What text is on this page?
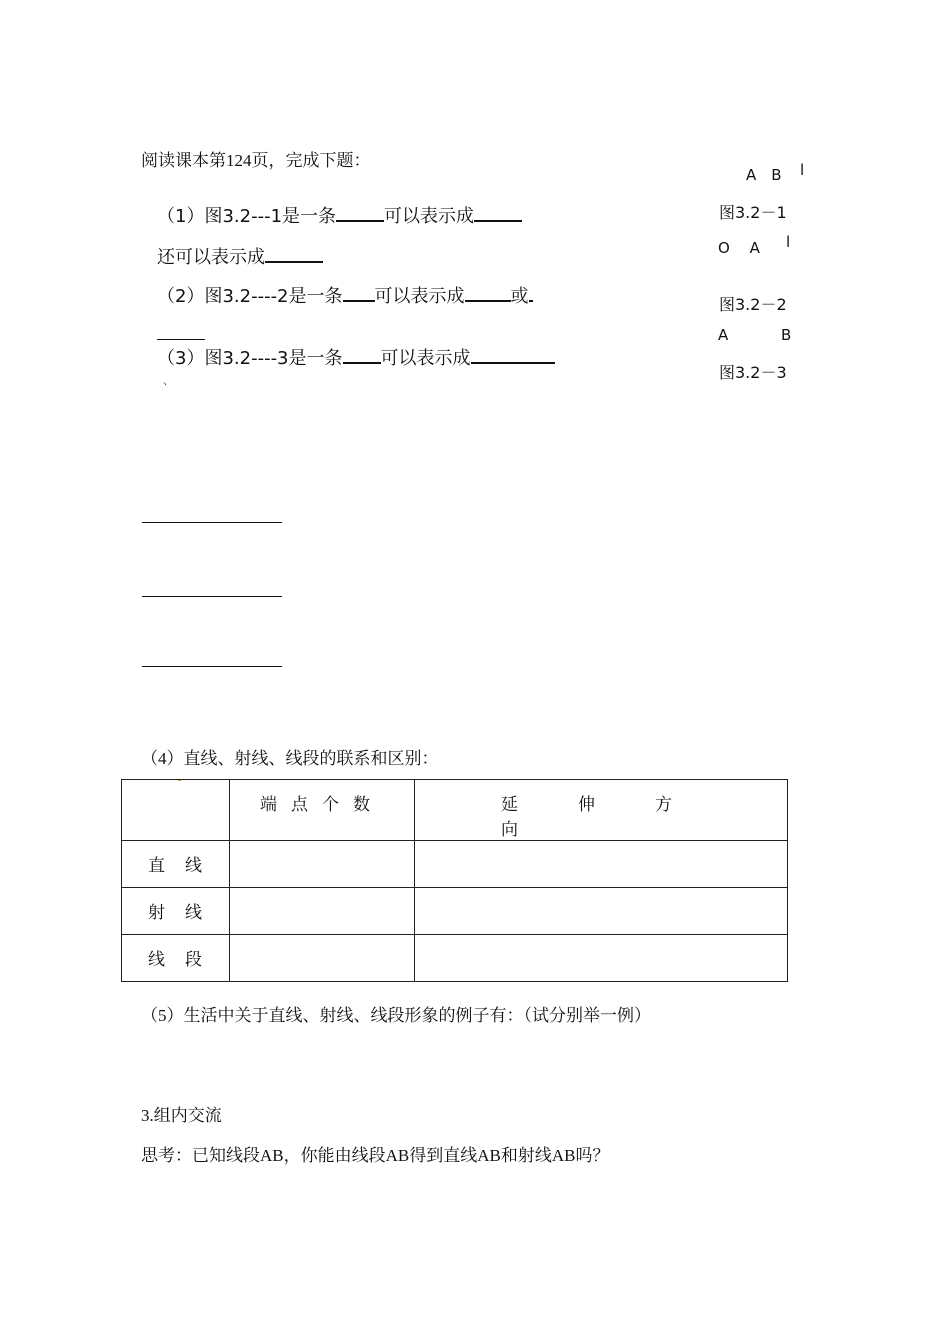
阅读课本第124页，完成下题：
（1）图3.2---1是一条	可以表示成
还可以表示成
（2）图3.2----2是一条 可以表示成	或
（3）图3.2----3是一条 可以表示成
、
A　B l
图3.2－1
O　 A l
图3.2－2
A	B
图3.2－3
（4）直线、射线、线段的联系和区别：

	端点个数	延伸方向

直线		

射线		

线段		

（5）生活中关于直线、射线、线段形象的例子有：（试分别举一例）
3.组内交流
思考：已知线段AB，你能由线段AB得到直线AB和射线AB吗？
